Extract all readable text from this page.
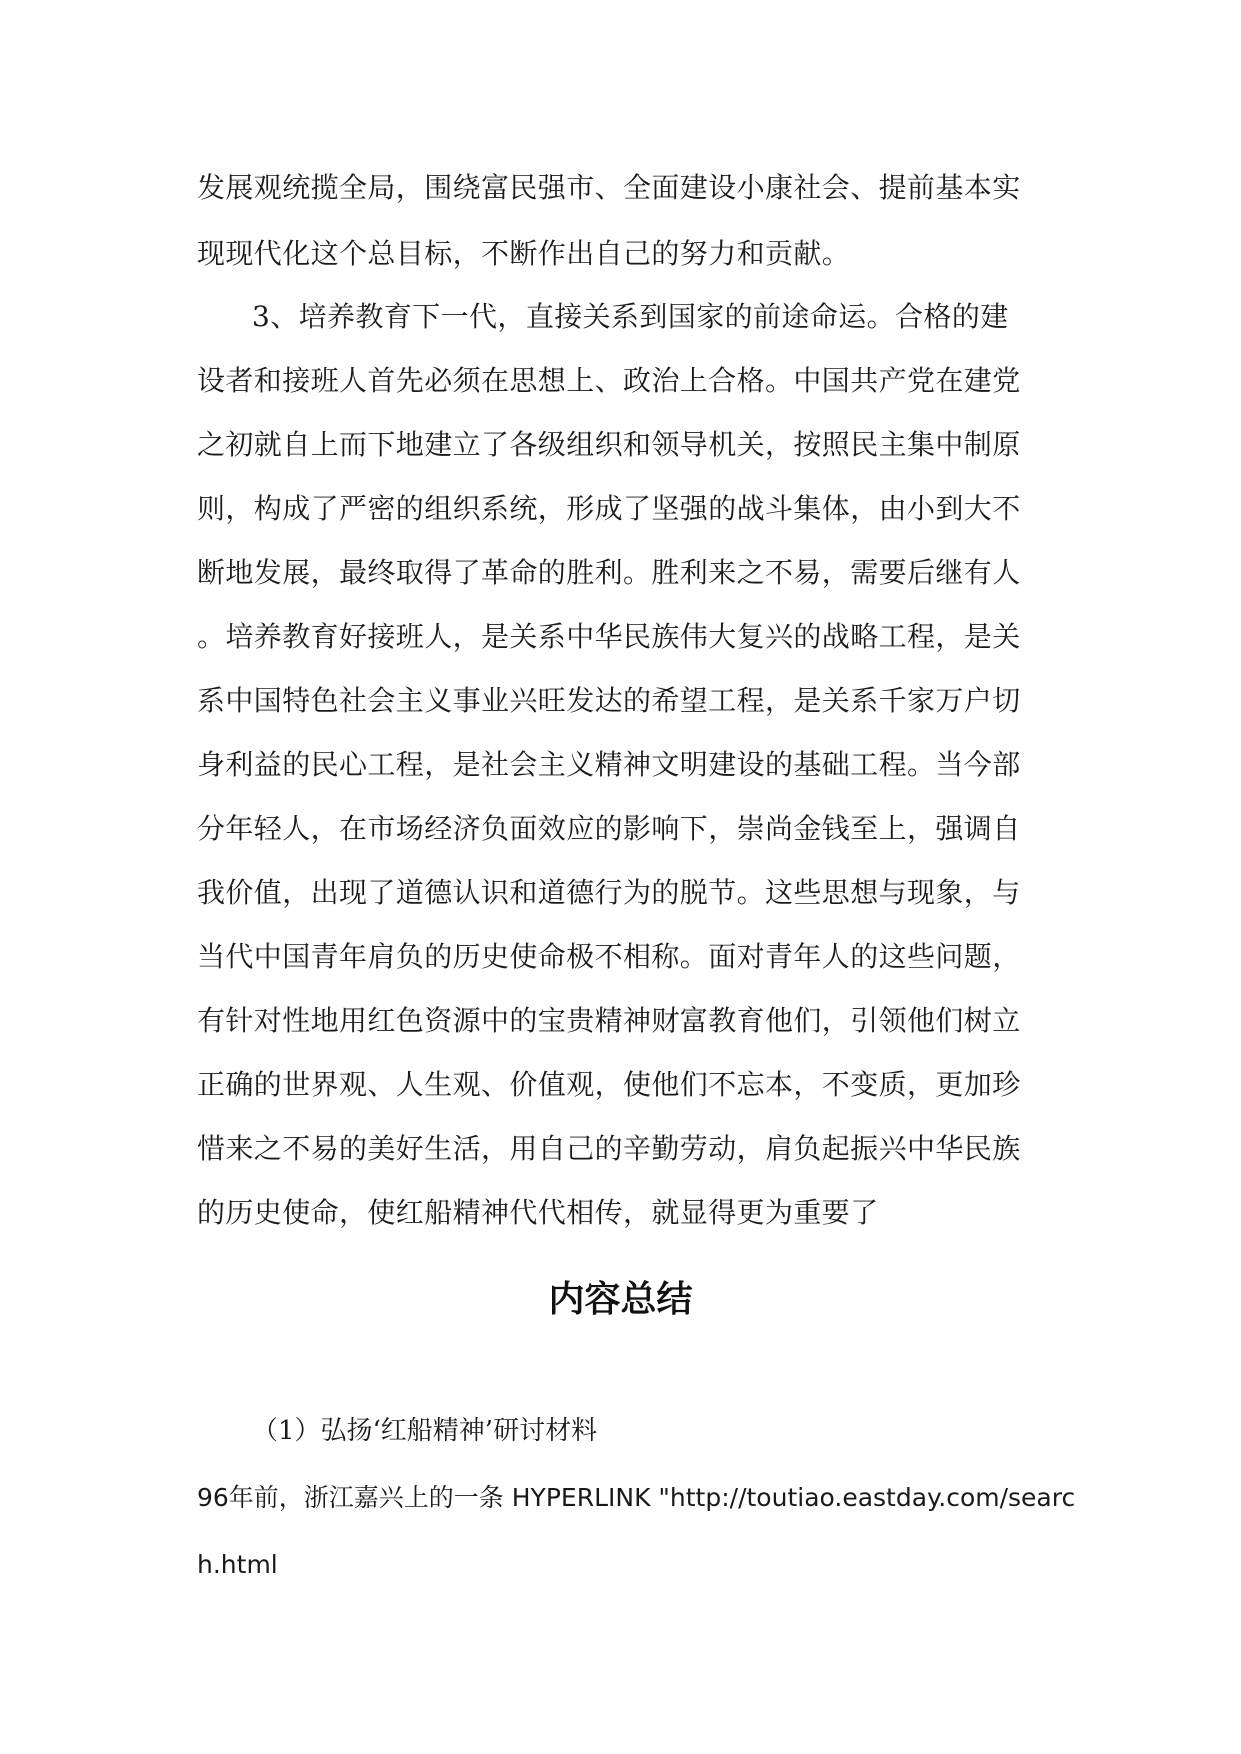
发展观统揽全局，围绕富民强市、全面建设小康社会、提前基本实
现现代化这个总目标，不断作出自己的努力和贡献。
3、培养教育下一代，直接关系到国家的前途命运。合格的建
设者和接班人首先必须在思想上、政治上合格。中国共产党在建党
之初就自上而下地建立了各级组织和领导机关，按照民主集中制原
则，构成了严密的组织系统，形成了坚强的战斗集体，由小到大不
断地发展，最终取得了革命的胜利。胜利来之不易，需要后继有人
。培养教育好接班人，是关系中华民族伟大复兴的战略工程，是关
系中国特色社会主义事业兴旺发达的希望工程，是关系千家万户切
身利益的民心工程，是社会主义精神文明建设的基础工程。当今部
分年轻人，在市场经济负面效应的影响下，崇尚金钱至上，强调自
我价值，出现了道德认识和道德行为的脱节。这些思想与现象，与
当代中国青年肩负的历史使命极不相称。面对青年人的这些问题，
有针对性地用红色资源中的宝贵精神财富教育他们，引领他们树立
正确的世界观、人生观、价值观，使他们不忘本，不变质，更加珍
惜来之不易的美好生活，用自己的辛勤劳动，肩负起振兴中华民族
的历史使命，使红船精神代代相传，就显得更为重要了
内容总结
（1）弘扬‘红船精神’研讨材料
96年前，浙江嘉兴上的一条 HYPERLINK "http://toutiao.eastday.com/searc
h.html
